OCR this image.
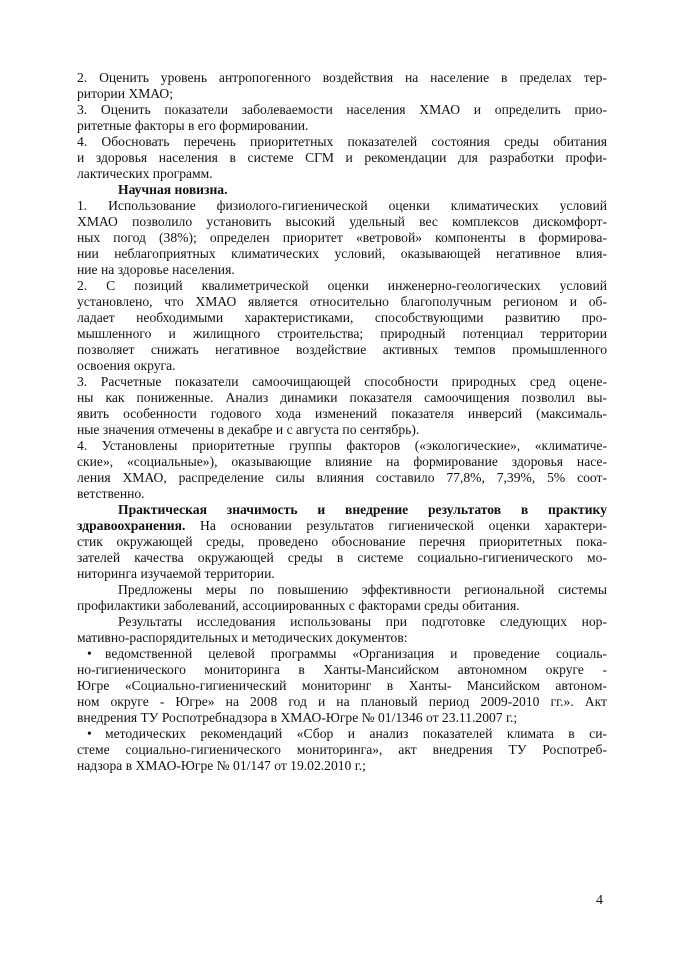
2. Оценить уровень антропогенного воздействия на население в пределах тер-
ритории ХМАО;
3. Оценить показатели заболеваемости населения ХМАО и определить прио-
ритетные факторы в его формировании.
4. Обосновать перечень приоритетных показателей состояния среды обитания
и здоровья населения в системе СГМ и рекомендации для разработки профи-
лактических программ.
Научная новизна.
1. Использование физиолого-гигиенической оценки климатических условий
ХМАО позволило установить высокий удельный вес комплексов дискомфорт-
ных погод (38%); определен приоритет «ветровой» компоненты в формирова-
нии неблагоприятных климатических условий, оказывающей негативное влия-
ние на здоровье населения.
2. С позиций квалиметрической оценки инженерно-геологических условий
установлено, что ХМАО является относительно благополучным регионом и об-
ладает необходимыми характеристиками, способствующими развитию про-
мышленного и жилищного строительства; природный потенциал территории
позволяет снижать негативное воздействие активных темпов промышленного
освоения округа.
3. Расчетные показатели самоочищающей способности природных сред оцене-
ны как пониженные. Анализ динамики показателя самоочищения позволил вы-
явить особенности годового хода изменений показателя инверсий (максималь-
ные значения отмечены в декабре и с августа по сентябрь).
4. Установлены приоритетные группы факторов («экологические», «климатиче-
ские», «социальные»), оказывающие влияние на формирование здоровья насе-
ления ХМАО, распределение силы влияния составило 77,8%, 7,39%, 5% соот-
ветственно.
Практическая значимость и внедрение результатов в практику
здравоохранения. На основании результатов гигиенической оценки характери-
стик окружающей среды, проведено обоснование перечня приоритетных пока-
зателей качества окружающей среды в системе социально-гигиенического мо-
ниторинга изучаемой территории.
Предложены меры по повышению эффективности региональной системы
профилактики заболеваний, ассоциированных с факторами среды обитания.
Результаты исследования использованы при подготовке следующих нор-
мативно-распорядительных и методических документов:
• ведомственной целевой программы «Организация и проведение социаль-
но-гигиенического мониторинга в Ханты-Мансийском автономном округе -
Югре «Социально-гигиенический мониторинг в Ханты- Мансийском автоном-
ном округе - Югре» на 2008 год и на плановый период 2009-2010 гг.». Акт
внедрения ТУ Роспотребнадзора в ХМАО-Югре № 01/1346 от 23.11.2007 г.;
• методических рекомендаций «Сбор и анализ показателей климата в си-
стеме социально-гигиенического мониторинга», акт внедрения ТУ Роспотреб-
надзора в ХМАО-Югре № 01/147 от 19.02.2010 г.;
4
